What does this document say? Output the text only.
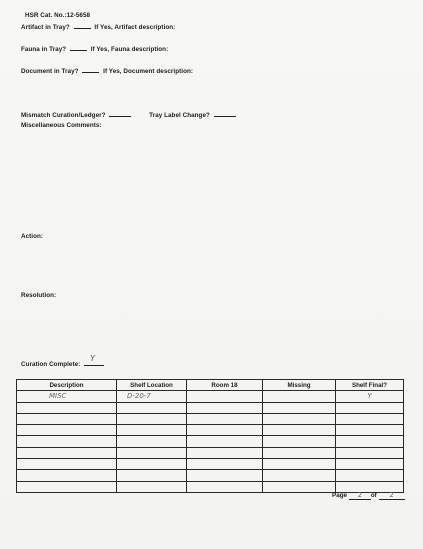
HSR Cat. No.:12-5658
Artifact in Tray?	If Yes, Artifact description:
Fauna in Tray?	If Yes, Fauna description:
Document in Tray?	If Yes, Document description:
Mismatch Curation/Ledger?	Tray Label Change?
Miscellaneous Comments:
Action:
Resolution:
Curation Complete:
Y
Description	Shelf Location	Room 18	Missing	Shelf Final?
MISC	D-20-7			Y

Page 2 of 2
